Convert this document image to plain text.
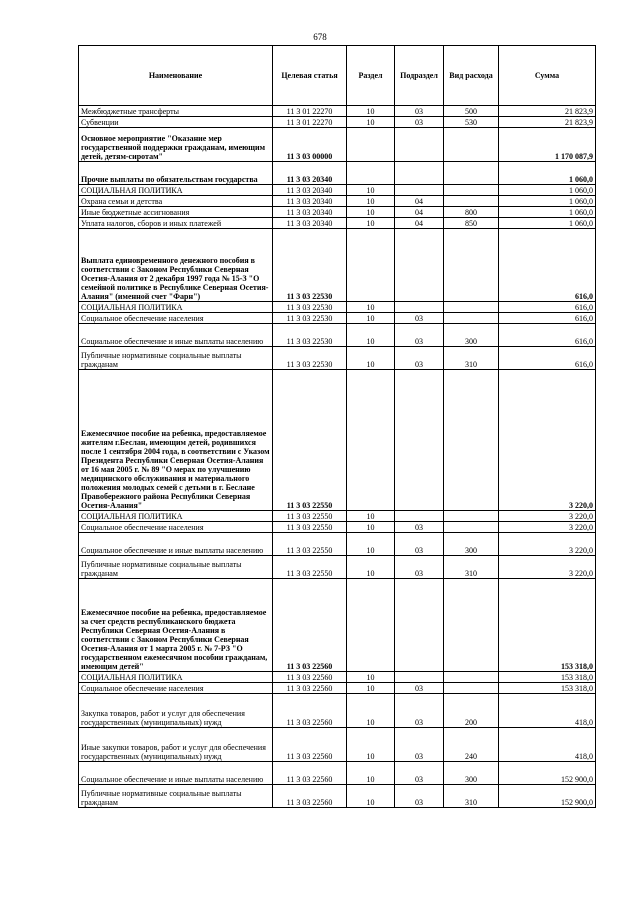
678
Наименование	Целевая статья	Раздел	Подраздел	Вид расхода	Сумма
Межбюджетные трансферты	11 3 01 22270	10	03	500	21 823,9
Субвенции	11 3 01 22270	10	03	530	21 823,9
Основное мероприятие "Оказание мер государственной поддержки гражданам, имеющим детей, детям-сиротам"	11 3 03 00000				1 170 087,9
Прочие выплаты по обязательствам государства	11 3 03 20340				1 060,0
СОЦИАЛЬНАЯ ПОЛИТИКА	11 3 03 20340	10			1 060,0
Охрана семьи и детства	11 3 03 20340	10	04		1 060,0
Иные бюджетные ассигнования	11 3 03 20340	10	04	800	1 060,0
Уплата налогов, сборов и иных платежей	11 3 03 20340	10	04	850	1 060,0
Выплата единовременного денежного пособия в соответствии с Законом Республики Северная Осетия-Алания от 2 декабря 1997 года № 15-З "О семейной политике в Республике Северная Осетия-Алания" (именной счет "Фарн")	11 3 03 22530				616,0
СОЦИАЛЬНАЯ ПОЛИТИКА	11 3 03 22530	10			616,0
Социальное обеспечение населения	11 3 03 22530	10	03		616,0
Социальное обеспечение и иные выплаты населению	11 3 03 22530	10	03	300	616,0
Публичные нормативные социальные выплаты гражданам	11 3 03 22530	10	03	310	616,0
Ежемесячное пособие на ребенка, предоставляемое жителям г.Беслан, имеющим детей, родившихся после 1 сентября 2004 года, в соответствии с Указом Президента Республики Северная Осетия-Алания от 16 мая 2005 г. № 89 "О мерах по улучшению медицинского обслуживания и материального положения молодых семей с детьми в г. Беслане Правобережного района Республики Северная Осетия-Алания"	11 3 03 22550				3 220,0
СОЦИАЛЬНАЯ ПОЛИТИКА	11 3 03 22550	10			3 220,0
Социальное обеспечение населения	11 3 03 22550	10	03		3 220,0
Социальное обеспечение и иные выплаты населению	11 3 03 22550	10	03	300	3 220,0
Публичные нормативные социальные выплаты гражданам	11 3 03 22550	10	03	310	3 220,0
Ежемесячное пособие на ребенка, предоставляемое за счет средств республиканского бюджета Республики Северная Осетия-Алания в соответствии с Законом Республики Северная Осетия-Алания от 1 марта 2005 г. № 7-РЗ "О государственном ежемесячном пособии гражданам, имеющим детей"	11 3 03 22560				153 318,0
СОЦИАЛЬНАЯ ПОЛИТИКА	11 3 03 22560	10			153 318,0
Социальное обеспечение населения	11 3 03 22560	10	03		153 318,0
Закупка товаров, работ и услуг для обеспечения государственных (муниципальных) нужд	11 3 03 22560	10	03	200	418,0
Иные закупки товаров, работ и услуг для обеспечения государственных (муниципальных) нужд	11 3 03 22560	10	03	240	418,0
Социальное обеспечение и иные выплаты населению	11 3 03 22560	10	03	300	152 900,0
Публичные нормативные социальные выплаты гражданам	11 3 03 22560	10	03	310	152 900,0
